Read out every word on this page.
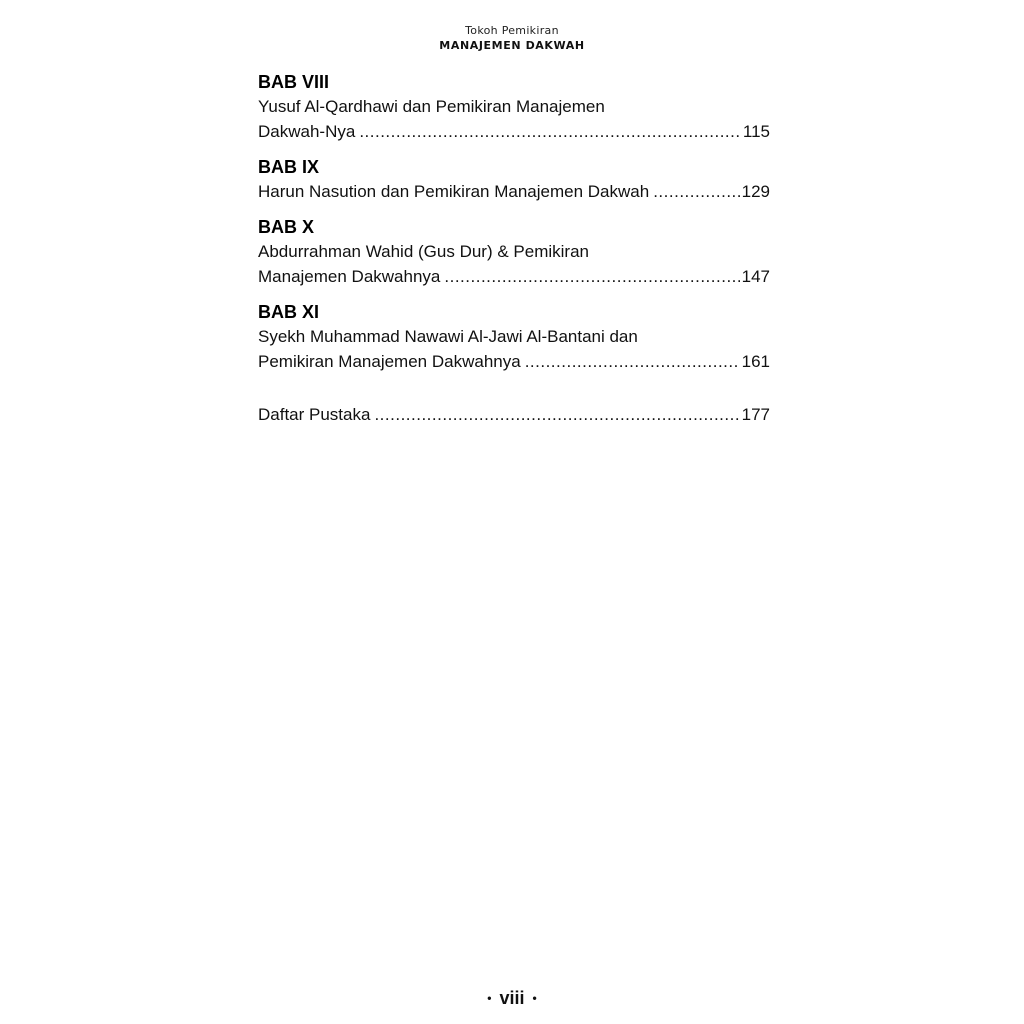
Tokoh Pemikiran
MANAJEMEN DAKWAH
BAB VIII
Yusuf Al-Qardhawi dan Pemikiran Manajemen
Dakwah-Nya .....	115
BAB IX
Harun Nasution dan Pemikiran Manajemen Dakwah .....	129
BAB X
Abdurrahman Wahid (Gus Dur) & Pemikiran
Manajemen Dakwahnya .....	147
BAB XI
Syekh Muhammad Nawawi Al-Jawi Al-Bantani dan
Pemikiran Manajemen Dakwahnya .....	161
Daftar Pustaka .....	177
• viii •
